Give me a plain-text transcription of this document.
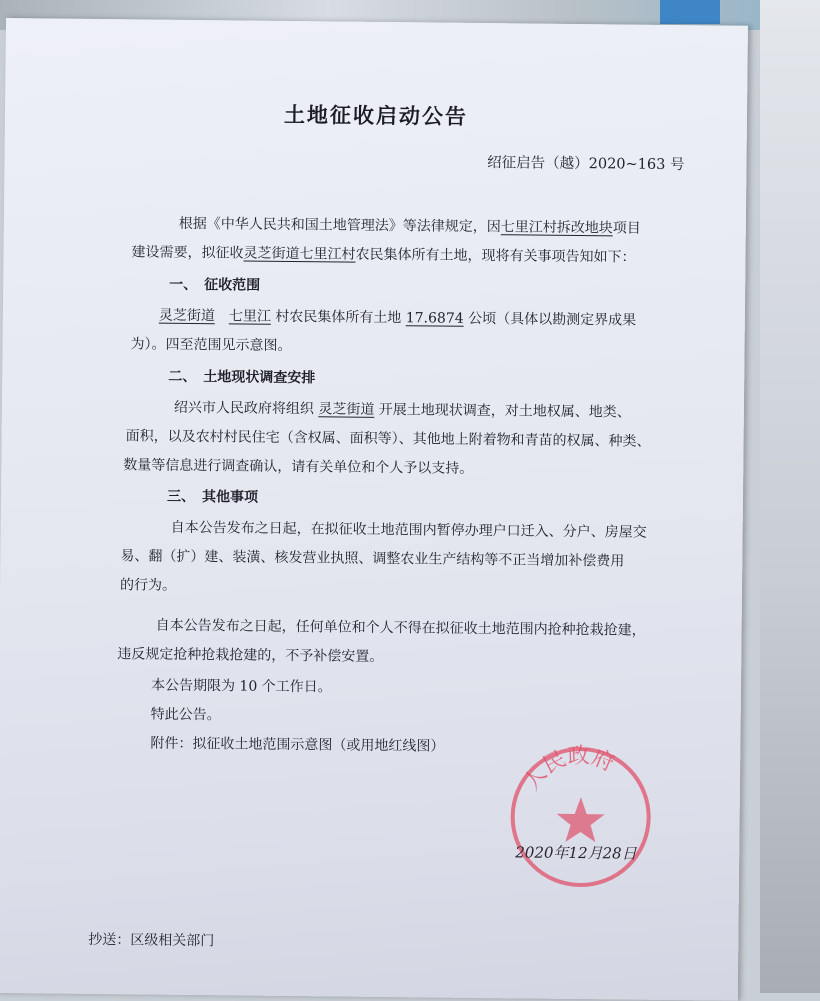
土地征收启动公告
绍征启告（越）2020~163 号
根据《中华人民共和国土地管理法》等法律规定，因七里江村拆改地块项目
建设需要，拟征收灵芝街道七里江村农民集体所有土地，现将有关事项告知如下：
一、　征收范围
灵芝街道　 七里江 村农民集体所有土地 17.6874 公顷（具体以勘测定界成果
为）。四至范围见示意图。
二、　土地现状调查安排
绍兴市人民政府将组织 灵芝街道 开展土地现状调查，对土地权属、地类、
面积，以及农村村民住宅（含权属、面积等）、其他地上附着物和青苗的权属、种类、
数量等信息进行调查确认，请有关单位和个人予以支持。
三、　其他事项
自本公告发布之日起，在拟征收土地范围内暂停办理户口迁入、分户、房屋交
易、翻（扩）建、装潢、核发营业执照、调整农业生产结构等不正当增加补偿费用
的行为。
自本公告发布之日起，任何单位和个人不得在拟征收土地范围内抢种抢栽抢建，
违反规定抢种抢栽抢建的，不予补偿安置。
本公告期限为 10 个工作日。
特此公告。
附件：拟征收土地范围示意图（或用地红线图）
人民政府
2020年12月28日
抄送：区级相关部门
